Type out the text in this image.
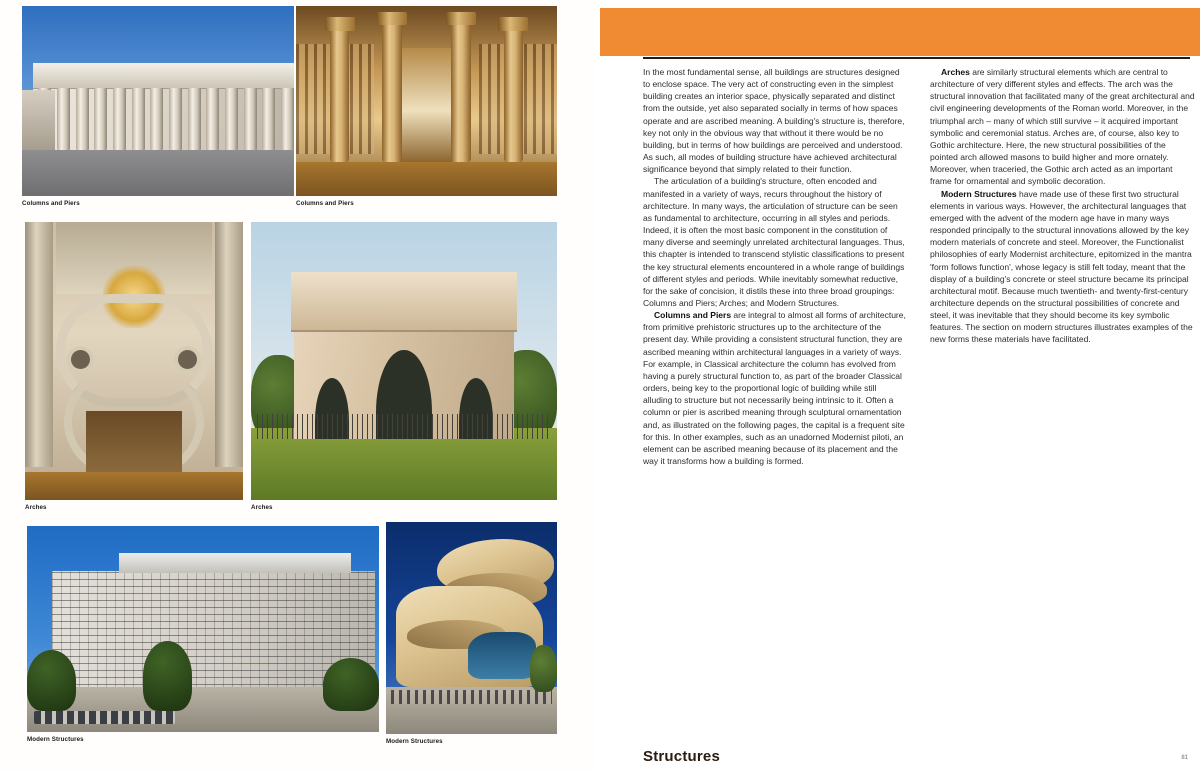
Columns and Piers	Columns and Piers
Arches	Arches
Modern Structures	Modern Structures
Structures

In the most fundamental sense, all buildings are structures designed to enclose space. The very act of constructing even in the simplest building creates an interior space, physically separated and distinct from the outside, yet also separated socially in terms of how spaces operate and are ascribed meaning. A building's structure is, therefore, key not only in the obvious way that without it there would be no building, but in terms of how buildings are perceived and understood. As such, all modes of building structure have achieved architectural significance beyond that simply related to their function.

The articulation of a building's structure, often encoded and manifested in a variety of ways, recurs throughout the history of architecture. In many ways, the articulation of structure can be seen as fundamental to architecture, occurring in all styles and periods. Indeed, it is often the most basic component in the constitution of many diverse and seemingly unrelated architectural languages. Thus, this chapter is intended to transcend stylistic classifications to present the key structural elements encountered in a whole range of buildings of different styles and periods. While inevitably somewhat reductive, for the sake of concision, it distils these into three broad groupings: Columns and Piers; Arches; and Modern Structures.

Columns and Piers are integral to almost all forms of architecture, from primitive prehistoric structures up to the architecture of the present day. While providing a consistent structural function, they are ascribed meaning within architectural languages in a variety of ways. For example, in Classical architecture the column has evolved from having a purely structural function to, as part of the broader Classical orders, being key to the proportional logic of building while still alluding to structure but not necessarily being intrinsic to it. Often a column or pier is ascribed meaning through sculptural ornamentation and, as illustrated on the following pages, the capital is a frequent site for this. In other examples, such as an unadorned Modernist piloti, an element can be ascribed meaning because of its placement and the way it transforms how a building is formed.

Arches are similarly structural elements which are central to architecture of very different styles and effects. The arch was the structural innovation that facilitated many of the great architectural and civil engineering developments of the Roman world. Moreover, in the triumphal arch – many of which still survive – it acquired important symbolic and ceremonial status. Arches are, of course, also key to Gothic architecture. Here, the new structural possibilities of the pointed arch allowed masons to build higher and more ornately. Moreover, when traceried, the Gothic arch acted as an important frame for ornamental and symbolic decoration.

Modern Structures have made use of these first two structural elements in various ways. However, the architectural languages that emerged with the advent of the modern age have in many ways responded principally to the structural innovations allowed by the key modern materials of concrete and steel. Moreover, the Functionalist philosophies of early Modernist architecture, epitomized in the mantra 'form follows function', whose legacy is still felt today, meant that the display of a building's concrete or steel structure became its principal architectural motif. Because much twentieth- and twenty-first-century architecture depends on the structural possibilities of concrete and steel, it was inevitable that they should become its key symbolic features. The section on modern structures illustrates examples of the new forms these materials have facilitated.

81
